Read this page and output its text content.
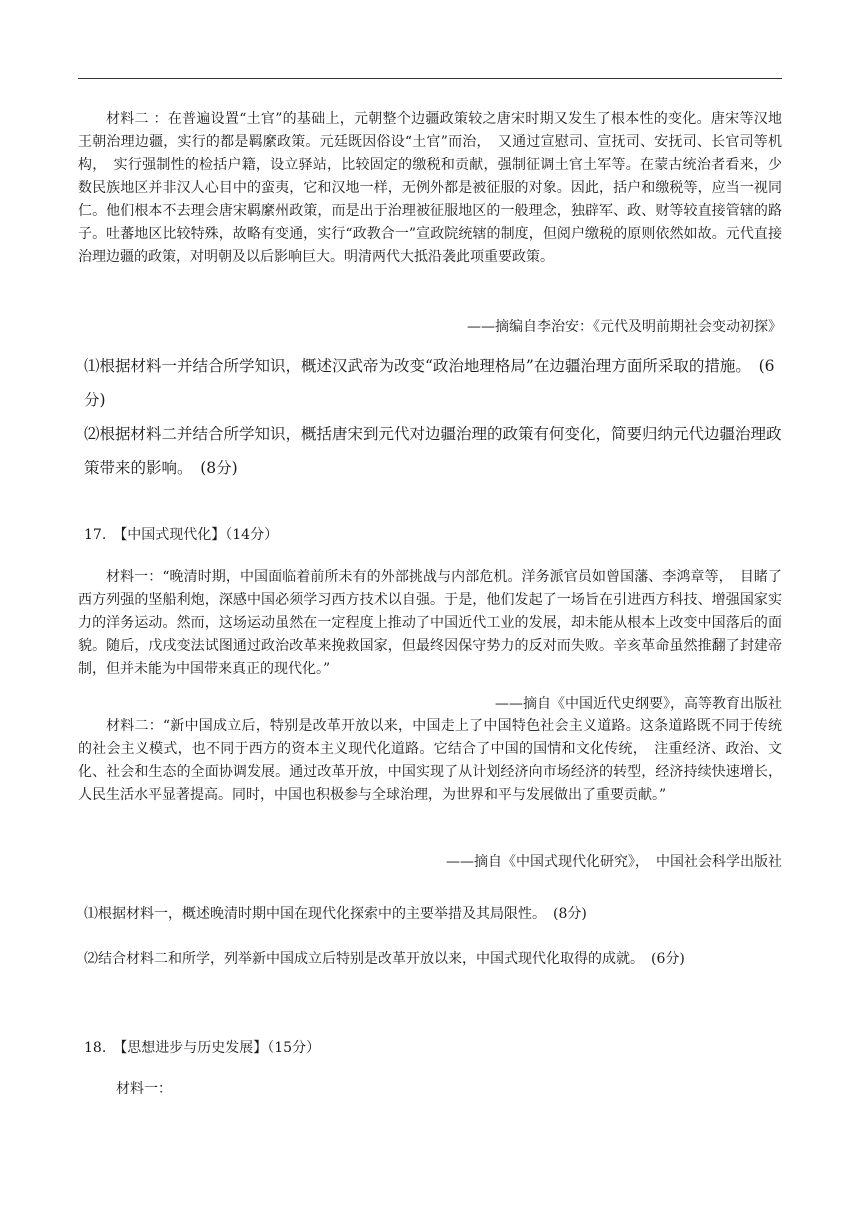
材料二 ：在普遍设置“土官”的基础上，元朝整个边疆政策较之唐宋时期又发生了根本性的变化。唐宋等汉地王朝治理边疆，实行的都是羁縻政策。元廷既因俗设“土官”而治，　又通过宣慰司、宣抚司、安抚司、长官司等机构，　实行强制性的检括户籍，设立驿站，比较固定的缴税和贡献，强制征调土官土军等。在蒙古统治者看来，少数民族地区并非汉人心目中的蛮夷，它和汉地一样，无例外都是被征服的对象。因此，括户和缴税等，应当一视同仁。他们根本不去理会唐宋羁縻州政策，而是出于治理被征服地区的一般理念，独辟军、政、财等较直接管辖的路子。吐蕃地区比较特殊，故略有变通，实行“政教合一”宣政院统辖的制度，但阅户缴税的原则依然如故。元代直接治理边疆的政策，对明朝及以后影响巨大。明清两代大抵沿袭此项重要政策。

——摘编自李治安：《元代及明前期社会变动初探》

⑴根据材料一并结合所学知识，概述汉武帝为改变“政治地理格局”在边疆治理方面所采取的措施。　(6分)

⑵根据材料二并结合所学知识，概括唐宋到元代对边疆治理的政策有何变化，简要归纳元代边疆治理政策带来的影响。　(8分)

17.　【中国式现代化】（14分）

材料一：“晚清时期，中国面临着前所未有的外部挑战与内部危机。洋务派官员如曾国藩、李鸿章等，　目睹了西方列强的坚船利炮，深感中国必须学习西方技术以自强。于是，他们发起了一场旨在引进西方科技、增强国家实力的洋务运动。然而，这场运动虽然在一定程度上推动了中国近代工业的发展，却未能从根本上改变中国落后的面貌。随后，戊戌变法试图通过政治改革来挽救国家，但最终因保守势力的反对而失败。辛亥革命虽然推翻了封建帝制，但并未能为中国带来真正的现代化。”

——摘自《中国近代史纲要》，高等教育出版社

材料二：“新中国成立后，特别是改革开放以来，中国走上了中国特色社会主义道路。这条道路既不同于传统的社会主义模式，也不同于西方的资本主义现代化道路。它结合了中国的国情和文化传统，　注重经济、政治、文化、社会和生态的全面协调发展。通过改革开放，中国实现了从计划经济向市场经济的转型，经济持续快速增长，人民生活水平显著提高。同时，中国也积极参与全球治理，为世界和平与发展做出了重要贡献。”

——摘自《中国式现代化研究》，　中国社会科学出版社

⑴根据材料一，概述晚清时期中国在现代化探索中的主要举措及其局限性。　(8分)

⑵结合材料二和所学，列举新中国成立后特别是改革开放以来，中国式现代化取得的成就。　(6分)

18.　【思想进步与历史发展】（15分）

材料一：
